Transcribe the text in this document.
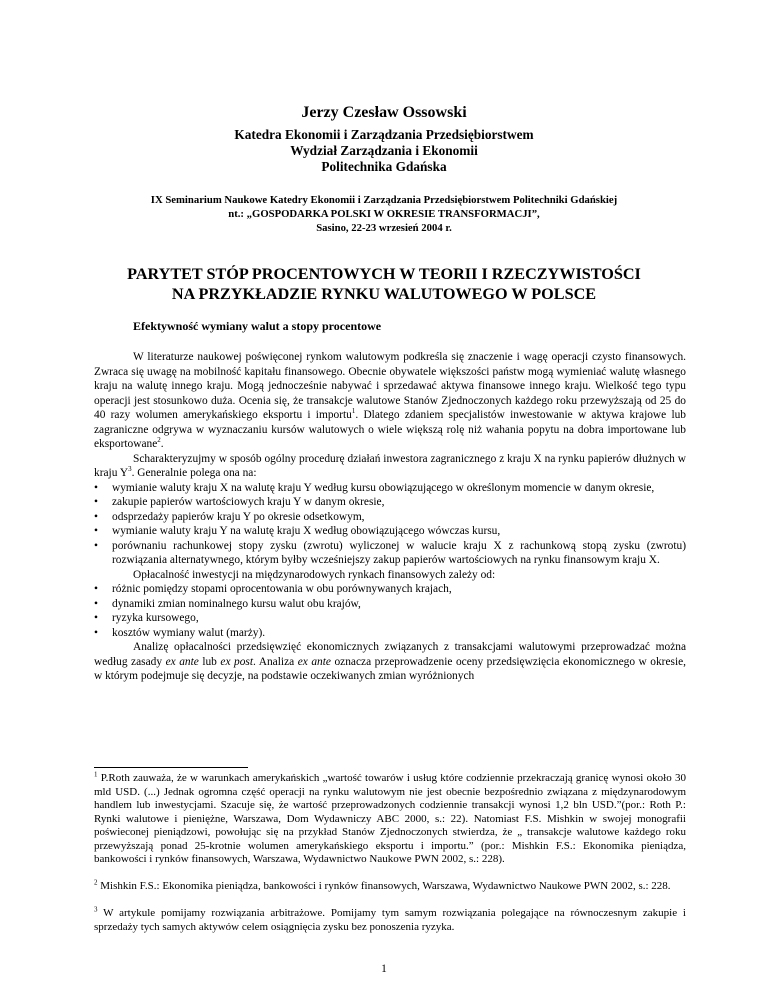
Jerzy Czesław Ossowski
Katedra Ekonomii i Zarządzania Przedsiębiorstwem
Wydział Zarządzania i Ekonomii
Politechnika Gdańska
IX Seminarium Naukowe Katedry Ekonomii i Zarządzania Przedsiębiorstwem Politechniki Gdańskiej
nt.: „GOSPODARKA POLSKI W OKRESIE TRANSFORMACJI”,
Sasino, 22-23 wrzesień 2004 r.
PARYTET STÓP PROCENTOWYCH W TEORII I RZECZYWISTOŚCI
NA PRZYKŁADZIE RYNKU WALUTOWEGO W POLSCE
Efektywność wymiany walut a stopy procentowe

W literaturze naukowej poświęconej rynkom walutowym podkreśla się znaczenie i wagę operacji czysto finansowych. Zwraca się uwagę na mobilność kapitału finansowego. Obecnie obywatele większości państw mogą wymieniać walutę własnego kraju na walutę innego kraju. Mogą jednocześnie nabywać i sprzedawać aktywa finansowe innego kraju. Wielkość tego typu operacji jest stosunkowo duża. Ocenia się, że transakcje walutowe Stanów Zjednoczonych każdego roku przewyższają od 25 do 40 razy wolumen amerykańskiego eksportu i importu$^1$. Dlatego zdaniem specjalistów inwestowanie w aktywa krajowe lub zagraniczne odgrywa w wyznaczaniu kursów walutowych o wiele większą rolę niż wahania popytu na dobra importowane lub eksportowane$^2$.

Scharakteryzujmy w sposób ogólny procedurę działań inwestora zagranicznego z kraju X na rynku papierów dłużnych w kraju $Y^3$. Generalnie polega ona na:

• wymianie waluty kraju X na walutę kraju Y według kursu obowiązującego w określonym momencie w danym okresie,
• zakupie papierów wartościowych kraju Y w danym okresie,
• odsprzedaży papierów kraju Y po okresie odsetkowym,
• wymianie waluty kraju Y na walutę kraju X według obowiązującego wówczas kursu,
• porównaniu rachunkowej stopy zysku (zwrotu) wyliczonej w walucie kraju X z rachunkową stopą zysku (zwrotu) rozwiązania alternatywnego, którym byłby wcześniejszy zakup papierów wartościowych na rynku finansowym kraju X.

Opłacalność inwestycji na międzynarodowych rynkach finansowych zależy od:

• różnic pomiędzy stopami oprocentowania w obu porównywanych krajach,
• dynamiki zmian nominalnego kursu walut obu krajów,
• ryzyka kursowego,
• kosztów wymiany walut (marży).

Analizę opłacalności przedsięwzięć ekonomicznych związanych z transakcjami walutowymi przeprowadzać można według zasady ex ante lub ex post. Analiza ex ante oznacza przeprowadzenie oceny przedsięwzięcia ekonomicznego w okresie, w którym podejmuje się decyzje, na podstawie oczekiwanych zmian wyróżnionych

$^1$ P.Roth zauważa, że w warunkach amerykańskich „wartość towarów i usług które codziennie przekraczają granicę wynosi około 30 mld USD. (...) Jednak ogromna część operacji na rynku walutowym nie jest obecnie bezpośrednio związana z międzynarodowym handlem lub inwestycjami. Szacuje się, że wartość przeprowadzonych codziennie transakcji wynosi 1,2 bln USD.”(por.: Roth P.: Rynki walutowe i pieniężne, Warszawa, Dom Wydawniczy ABC 2000, s.: 22). Natomiast F.S. Mishkin w swojej monografii poświeconej pieniądzowi, powołując się na przykład Stanów Zjednoczonych stwierdza, że „ transakcje walutowe każdego roku przewyższają ponad 25-krotnie wolumen amerykańskiego eksportu i importu.” (por.: Mishkin F.S.: Ekonomika pieniądza, bankowości i rynków finansowych, Warszawa, Wydawnictwo Naukowe PWN 2002, s.: 228).
$^2$ Mishkin F.S.: Ekonomika pieniądza, bankowości i rynków finansowych, Warszawa, Wydawnictwo Naukowe PWN 2002, s.: 228.
$^3$ W artykule pomijamy rozwiązania arbitrażowe. Pomijamy tym samym rozwiązania polegające na równoczesnym zakupie i sprzedaży tych samych aktywów celem osiągnięcia zysku bez ponoszenia ryzyka.
1
